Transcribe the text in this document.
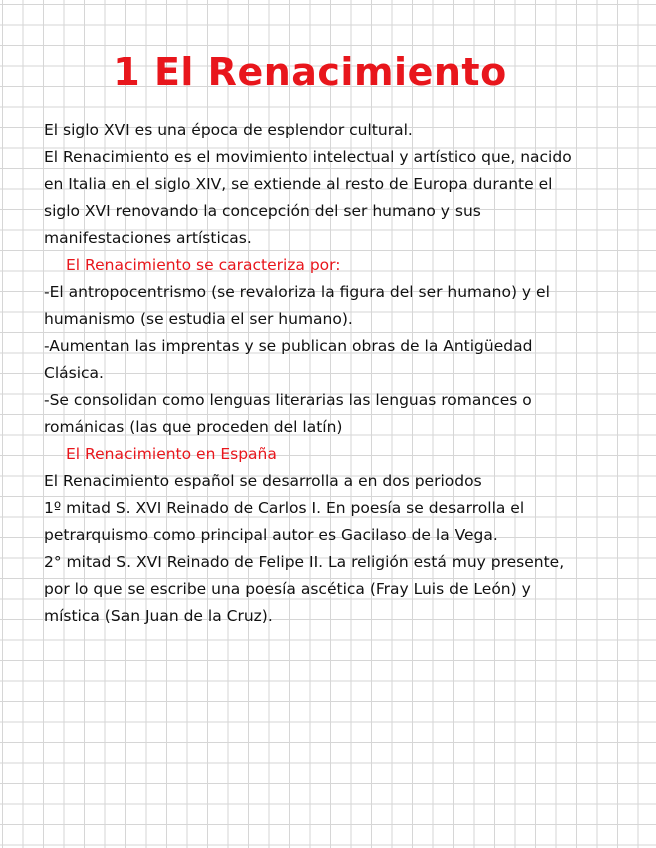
1 El Renacimiento
El siglo XVI es una época de esplendor cultural.
El Renacimiento es el movimiento intelectual y artístico que, nacido
en Italia en el siglo XIV, se extiende al resto de Europa durante el
siglo XVI renovando la concepción del ser humano y sus
manifestaciones artísticas.
El Renacimiento se caracteriza por:
-El antropocentrismo (se revaloriza la figura del ser humano) y el
humanismo (se estudia el ser humano).
-Aumentan las imprentas y se publican obras de la Antigüedad
Clásica.
-Se consolidan como lenguas literarias las lenguas romances o
románicas (las que proceden del latín)
El Renacimiento en España
El Renacimiento español se desarrolla a en dos periodos
1º mitad S. XVI Reinado de Carlos I. En poesía se desarrolla el
petrarquismo como principal autor es Gacilaso de la Vega.
2° mitad S. XVI Reinado de Felipe II. La religión está muy presente,
por lo que se escribe una poesía ascética (Fray Luis de León) y
mística (San Juan de la Cruz).
